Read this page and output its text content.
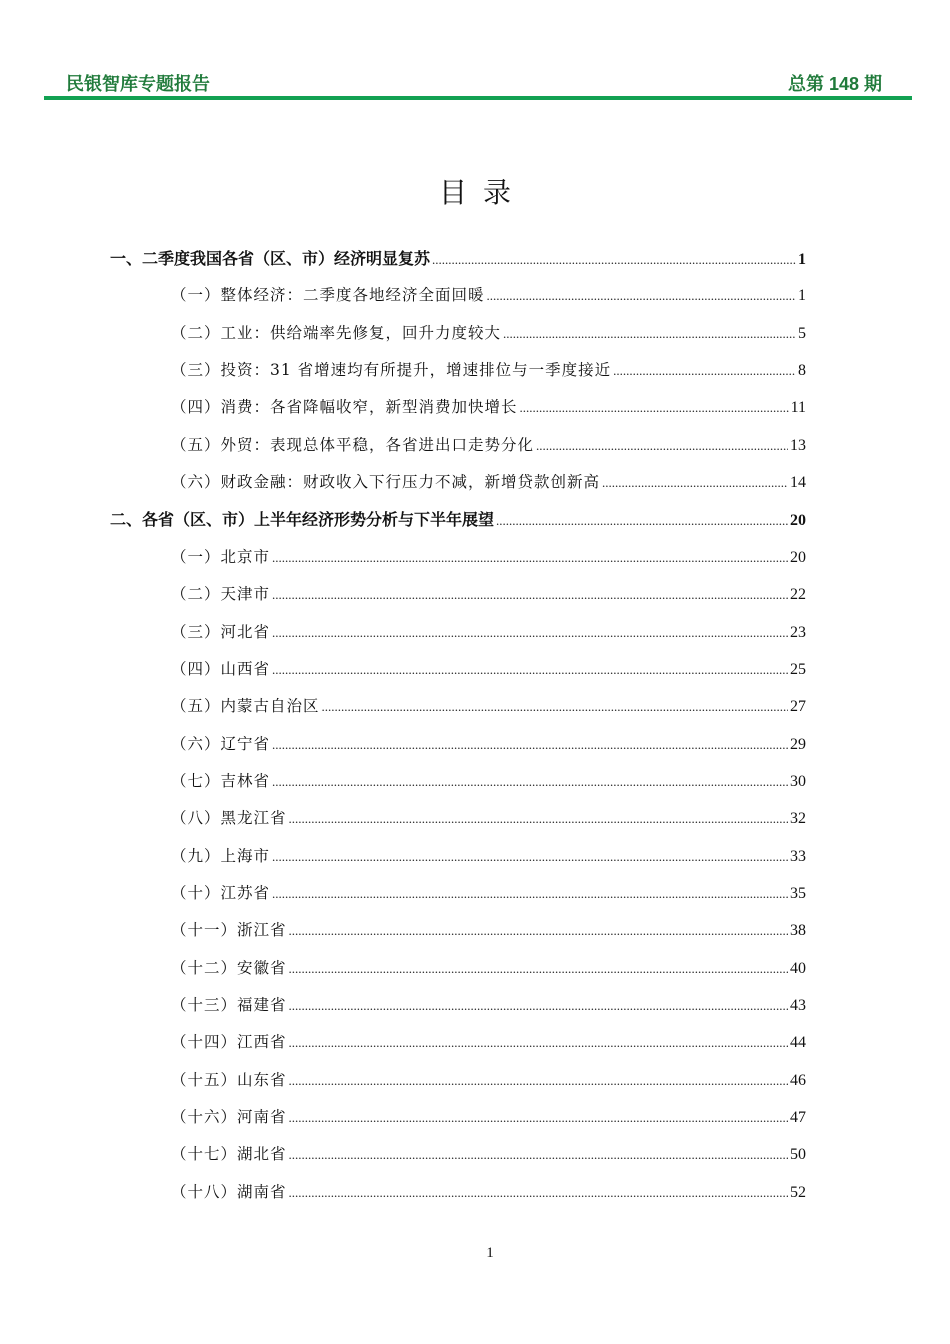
民银智库专题报告	总第 148 期
目录
一、二季度我国各省（区、市）经济明显复苏 .....	1
（一）整体经济：二季度各地经济全面回暖 .....	1
（二）工业：供给端率先修复，回升力度较大 .....	5
（三）投资：31 省增速均有所提升，增速排位与一季度接近 .....	8
（四）消费：各省降幅收窄，新型消费加快增长 .....	11
（五）外贸：表现总体平稳，各省进出口走势分化 .....	13
（六）财政金融：财政收入下行压力不减，新增贷款创新高 .....	14
二、各省（区、市）上半年经济形势分析与下半年展望 .....	20
（一）北京市 .....	20
（二）天津市 .....	22
（三）河北省 .....	23
（四）山西省 .....	25
（五）内蒙古自治区 .....	27
（六）辽宁省 .....	29
（七）吉林省 .....	30
（八）黑龙江省 .....	32
（九）上海市 .....	33
（十）江苏省 .....	35
（十一）浙江省 .....	38
（十二）安徽省 .....	40
（十三）福建省 .....	43
（十四）江西省 .....	44
（十五）山东省 .....	46
（十六）河南省 .....	47
（十七）湖北省 .....	50
（十八）湖南省 .....	52
1
